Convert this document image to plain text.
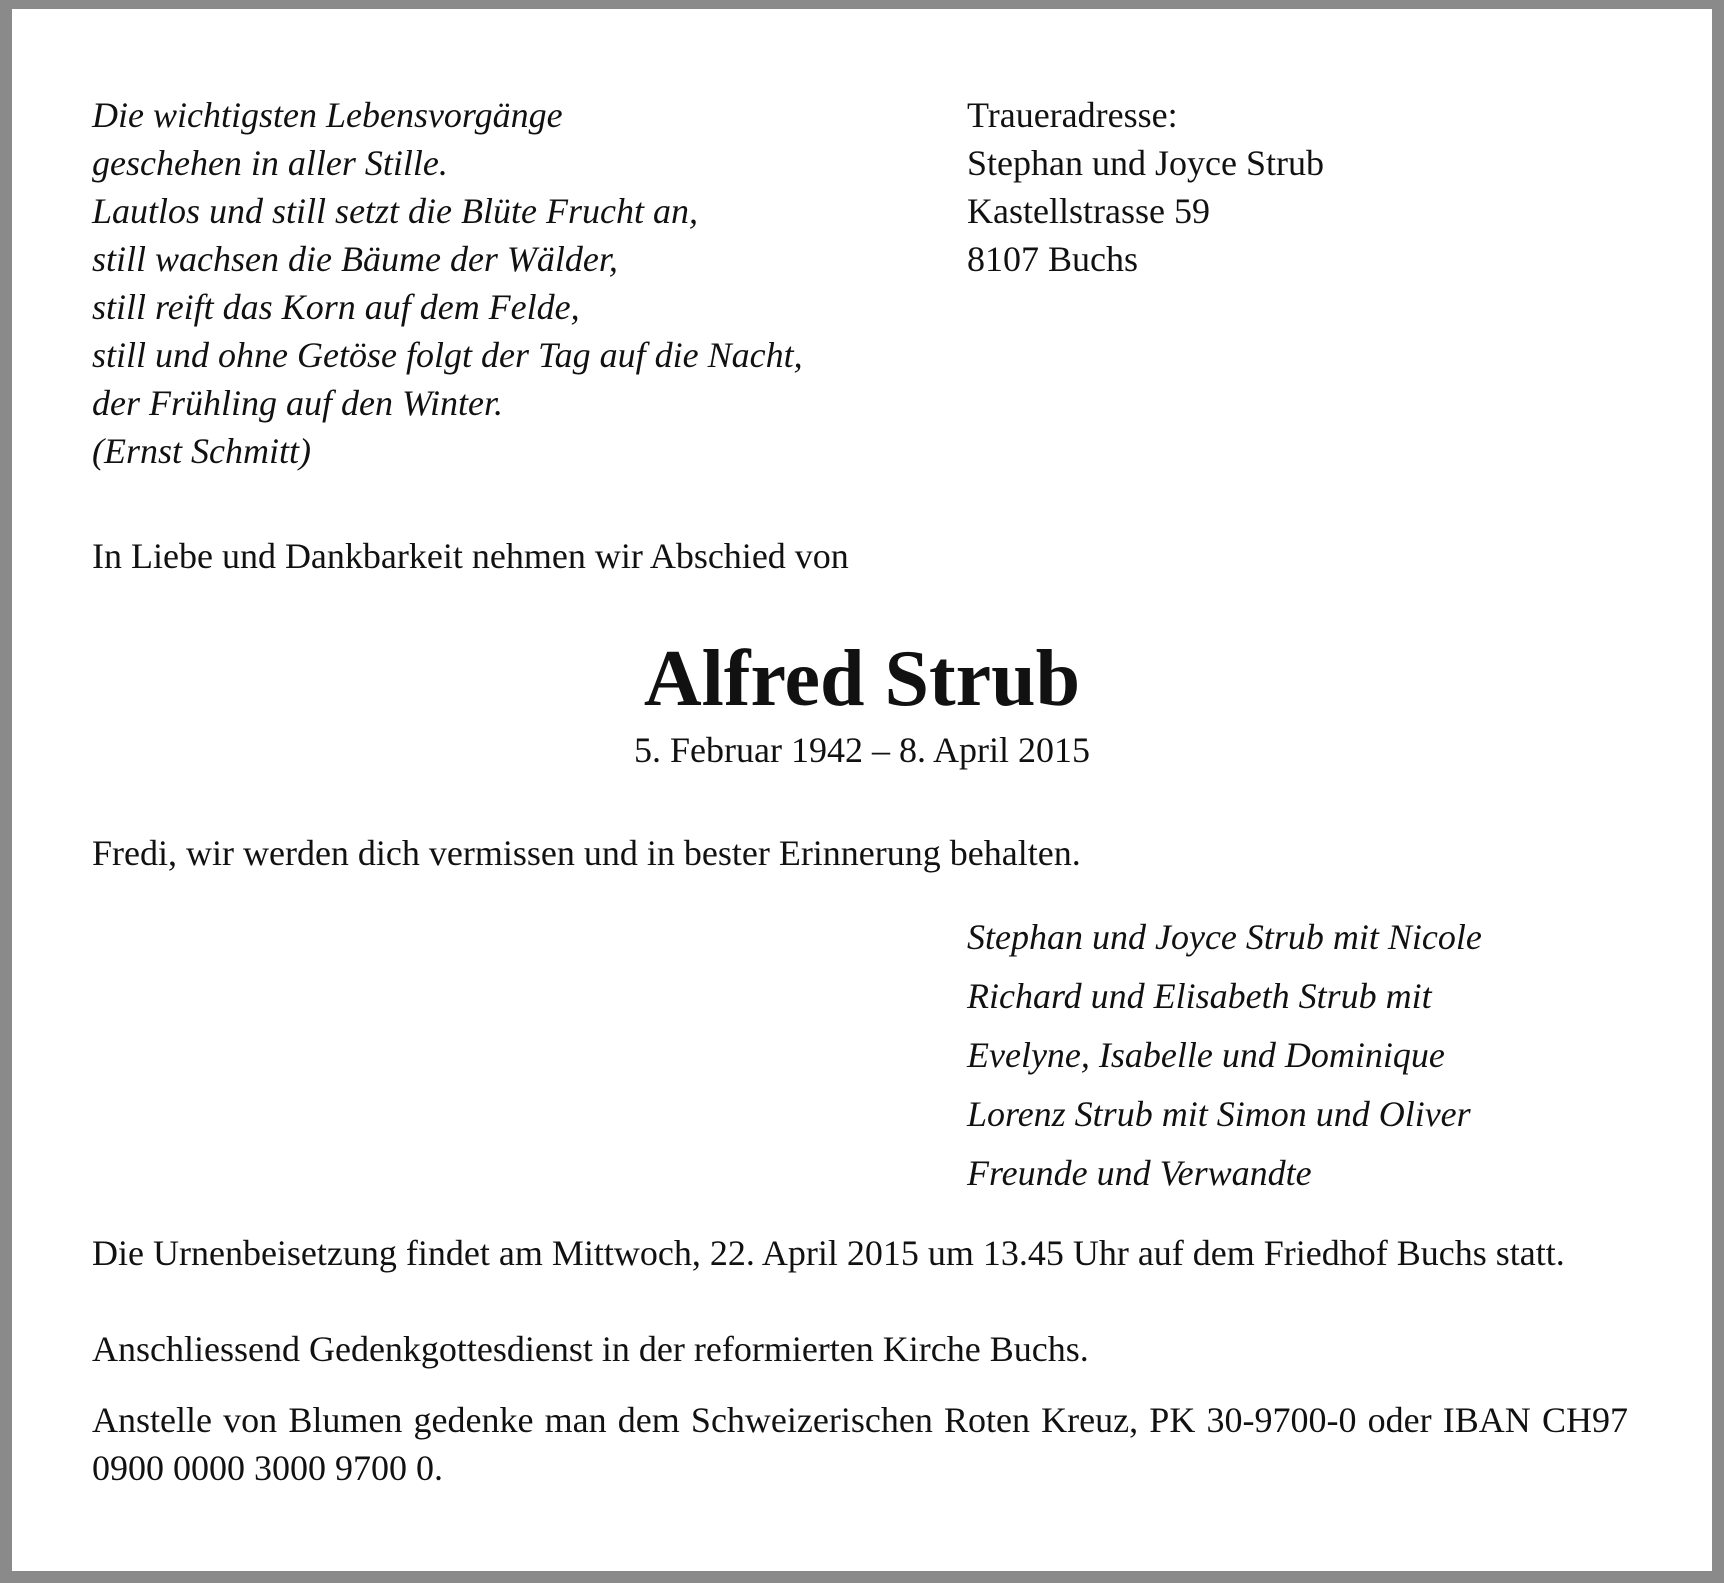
Die wichtigsten Lebensvorgänge
geschehen in aller Stille.
Lautlos und still setzt die Blüte Frucht an,
still wachsen die Bäume der Wälder,
still reift das Korn auf dem Felde,
still und ohne Getöse folgt der Tag auf die Nacht,
der Frühling auf den Winter.
(Ernst Schmitt)
Traueradresse:
Stephan und Joyce Strub
Kastellstrasse 59
8107 Buchs
In Liebe und Dankbarkeit nehmen wir Abschied von
Alfred Strub
5. Februar 1942 – 8. April 2015
Fredi, wir werden dich vermissen und in bester Erinnerung behalten.
Stephan und Joyce Strub mit Nicole
Richard und Elisabeth Strub mit
Evelyne, Isabelle und Dominique
Lorenz Strub mit Simon und Oliver
Freunde und Verwandte
Die Urnenbeisetzung findet am Mittwoch, 22. April 2015 um 13.45 Uhr auf dem Friedhof Buchs statt.
Anschliessend Gedenkgottesdienst in der reformierten Kirche Buchs.
Anstelle von Blumen gedenke man dem Schweizerischen Roten Kreuz, PK 30-9700-0 oder IBAN CH97 0900 0000 3000 9700 0.
